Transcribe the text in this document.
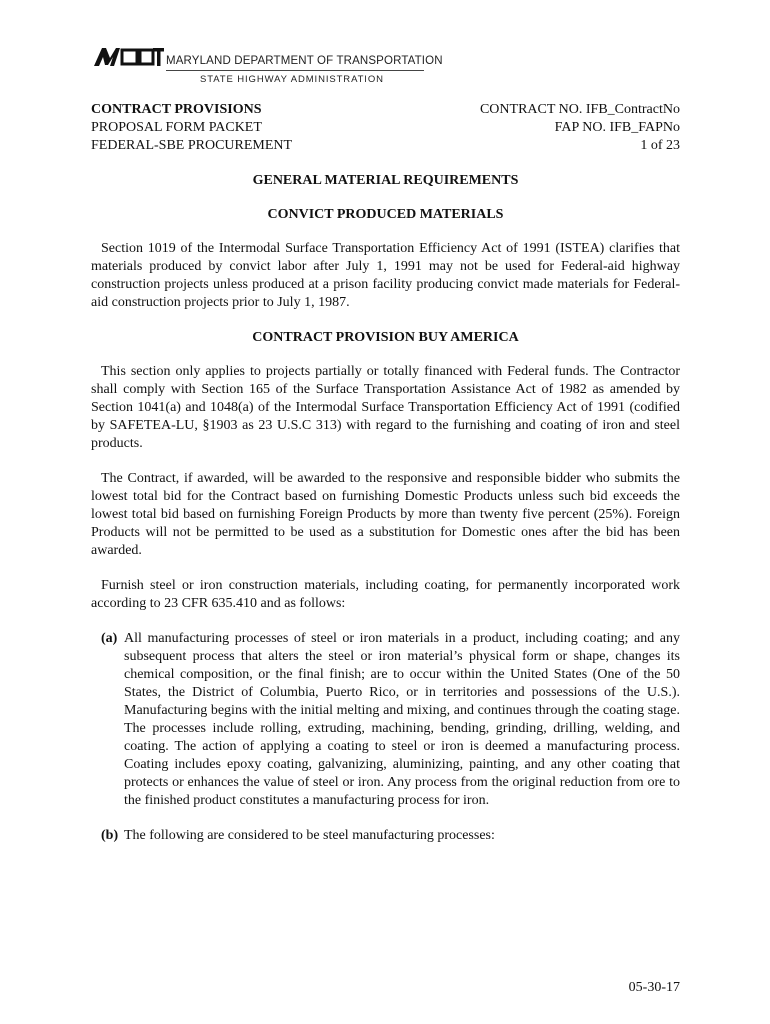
MARYLAND DEPARTMENT OF TRANSPORTATION
STATE HIGHWAY ADMINISTRATION
CONTRACT PROVISIONS
PROPOSAL FORM PACKET
FEDERAL-SBE PROCUREMENT
CONTRACT NO. IFB_ContractNo
FAP NO. IFB_FAPNo
1 of 23
GENERAL MATERIAL REQUIREMENTS
CONVICT PRODUCED MATERIALS

Section 1019 of the Intermodal Surface Transportation Efficiency Act of 1991 (ISTEA) clarifies that materials produced by convict labor after July 1, 1991 may not be used for Federal-aid highway construction projects unless produced at a prison facility producing convict made materials for Federal-aid construction projects prior to July 1, 1987.

CONTRACT PROVISION BUY AMERICA

This section only applies to projects partially or totally financed with Federal funds. The Contractor shall comply with Section 165 of the Surface Transportation Assistance Act of 1982 as amended by Section 1041(a) and 1048(a) of the Intermodal Surface Transportation Efficiency Act of 1991 (codified by SAFETEA-LU, §1903 as 23 U.S.C 313) with regard to the furnishing and coating of iron and steel products.

The Contract, if awarded, will be awarded to the responsive and responsible bidder who submits the lowest total bid for the Contract based on furnishing Domestic Products unless such bid exceeds the lowest total bid based on furnishing Foreign Products by more than twenty five percent (25%). Foreign Products will not be permitted to be used as a substitution for Domestic ones after the bid has been awarded.

Furnish steel or iron construction materials, including coating, for permanently incorporated work according to 23 CFR 635.410 and as follows:

(a) All manufacturing processes of steel or iron materials in a product, including coating; and any subsequent process that alters the steel or iron material’s physical form or shape, changes its chemical composition, or the final finish; are to occur within the United States (One of the 50 States, the District of Columbia, Puerto Rico, or in territories and possessions of the U.S.). Manufacturing begins with the initial melting and mixing, and continues through the coating stage. The processes include rolling, extruding, machining, bending, grinding, drilling, welding, and coating. The action of applying a coating to steel or iron is deemed a manufacturing process. Coating includes epoxy coating, galvanizing, aluminizing, painting, and any other coating that protects or enhances the value of steel or iron. Any process from the original reduction from ore to the finished product constitutes a manufacturing process for iron.
(b) The following are considered to be steel manufacturing processes:
05-30-17
